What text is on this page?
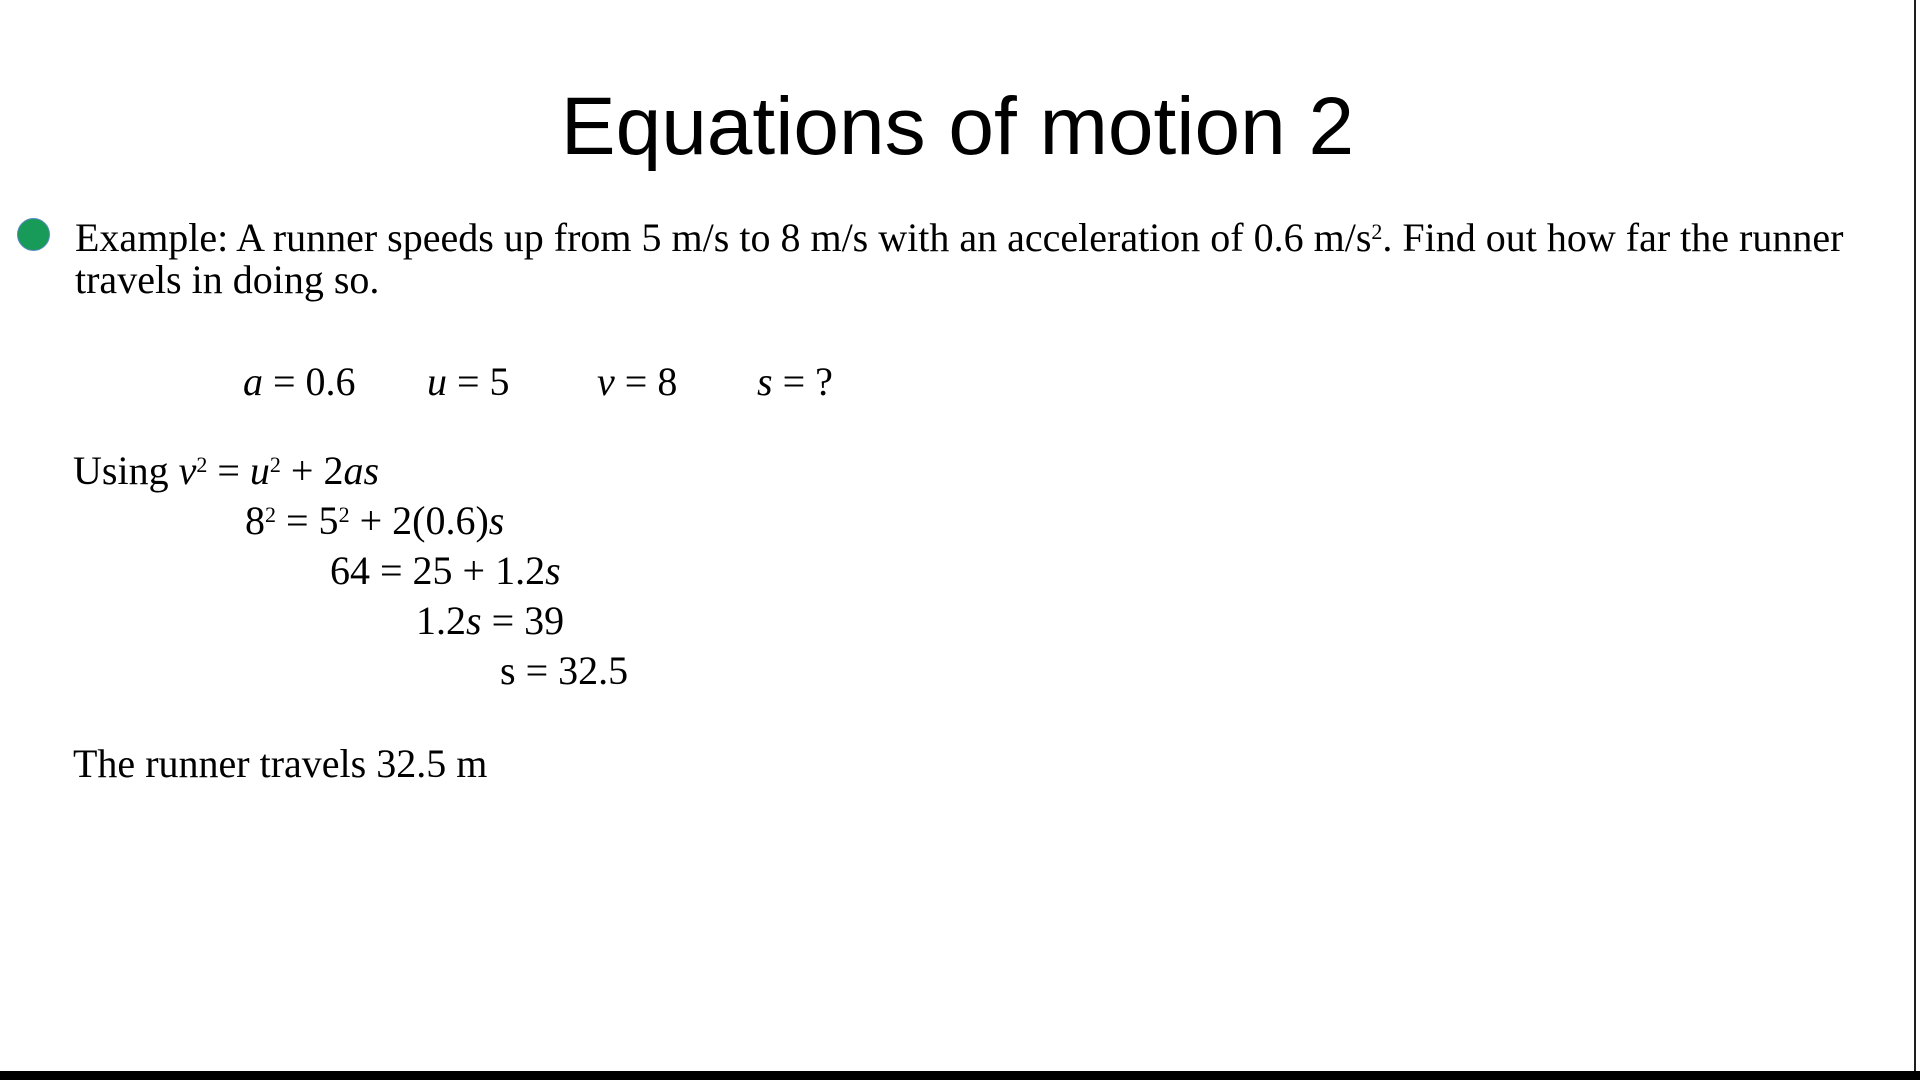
Equations of motion 2

Example: A runner speeds up from 5 m/s to 8 m/s with an acceleration of 0.6 $m/s^2$. Find out how far the runner travels in doing so.

a = 0.6 u = 5 v = 8 s = ?
Using $v^2 = u^2 + 2as$
$8^2 = 5^2 + 2(0.6)s$
64 = 25 + 1.2s
1.2s = 39
s = 32.5

The runner travels 32.5 m
